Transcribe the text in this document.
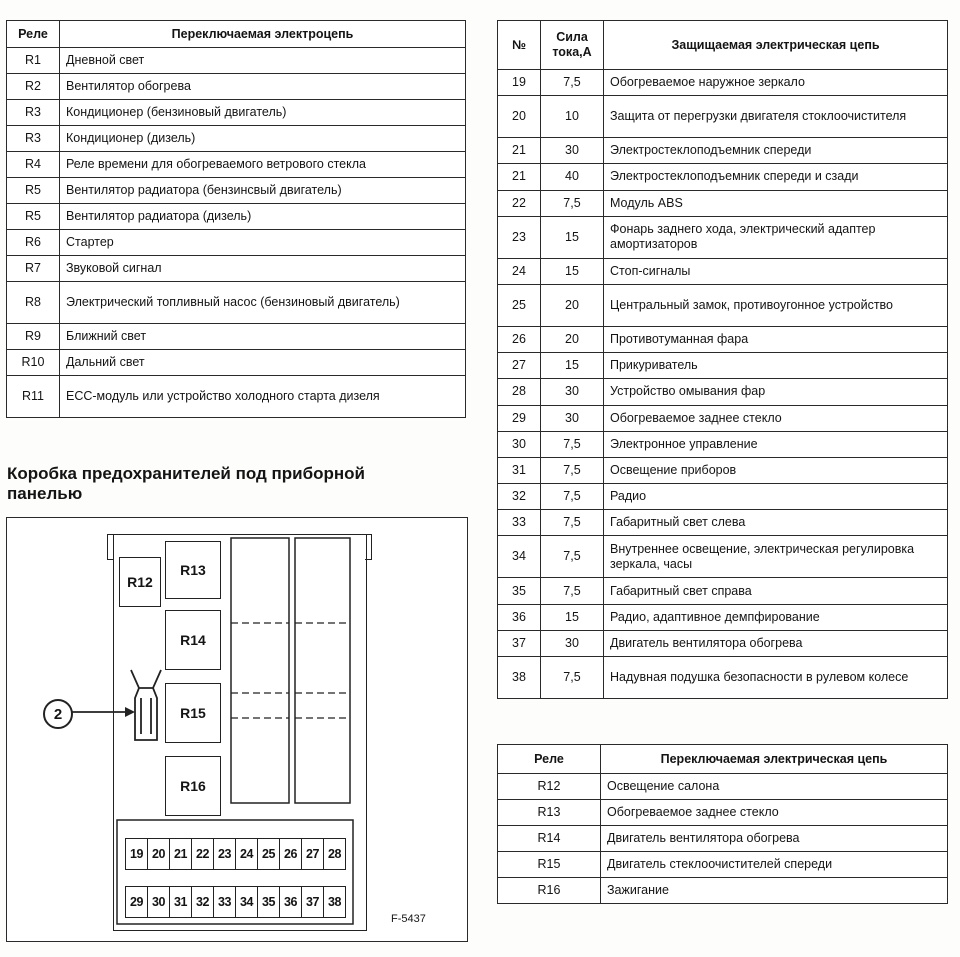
Реле	Переключаемая электроцепь
R1	Дневной свет
R2	Вентилятор обогрева
R3	Кондиционер (бензиновый двигатель)
R3	Кондиционер (дизель)
R4	Реле времени для обогреваемого ветрового стекла
R5	Вентилятор радиатора (бензинсвый двигатель)
R5	Вентилятор радиатора (дизель)
R6	Стартер
R7	Звуковой сигнал
R8	Электрический топливный насос (бензиновый двигатель)
R9	Ближний свет
R10	Дальний свет
R11	ECC-модуль или устройство холодного старта дизеля
Коробка предохранителей под приборной панелью
R12
R13
R14
R15
R16
2
19 20 21 22 23 24 25 26 27 28
29 30 31 32 33 34 35 36 37 38
F-5437
№	Сила тока,А	Защищаемая электрическая цепь
19	7,5	Обогреваемое наружное зеркало
20	10	Защита от перегрузки двигателя стоклоочистителя
21	30	Электростеклоподъемник спереди
21	40	Электростеклоподъемник спереди и сзади
22	7,5	Модуль ABS
23	15	Фонарь заднего хода, электрический адаптер амортизаторов
24	15	Стоп-сигналы
25	20	Центральный замок, противоугонное устройство
26	20	Противотуманная фара
27	15	Прикуриватель
28	30	Устройство омывания фар
29	30	Обогреваемое заднее стекло
30	7,5	Электронное управление
31	7,5	Освещение приборов
32	7,5	Радио
33	7,5	Габаритный свет слева
34	7,5	Внутреннее освещение, электрическая регулировка зеркала, часы
35	7,5	Габаритный свет справа
36	15	Радио, адаптивное демпфирование
37	30	Двигатель вентилятора обогрева
38	7,5	Надувная подушка безопасности в рулевом колесе
Реле	Переключаемая электрическая цепь
R12	Освещение салона
R13	Обогреваемое заднее стекло
R14	Двигатель вентилятора обогрева
R15	Двигатель стеклоочистителей спереди
R16	Зажигание
